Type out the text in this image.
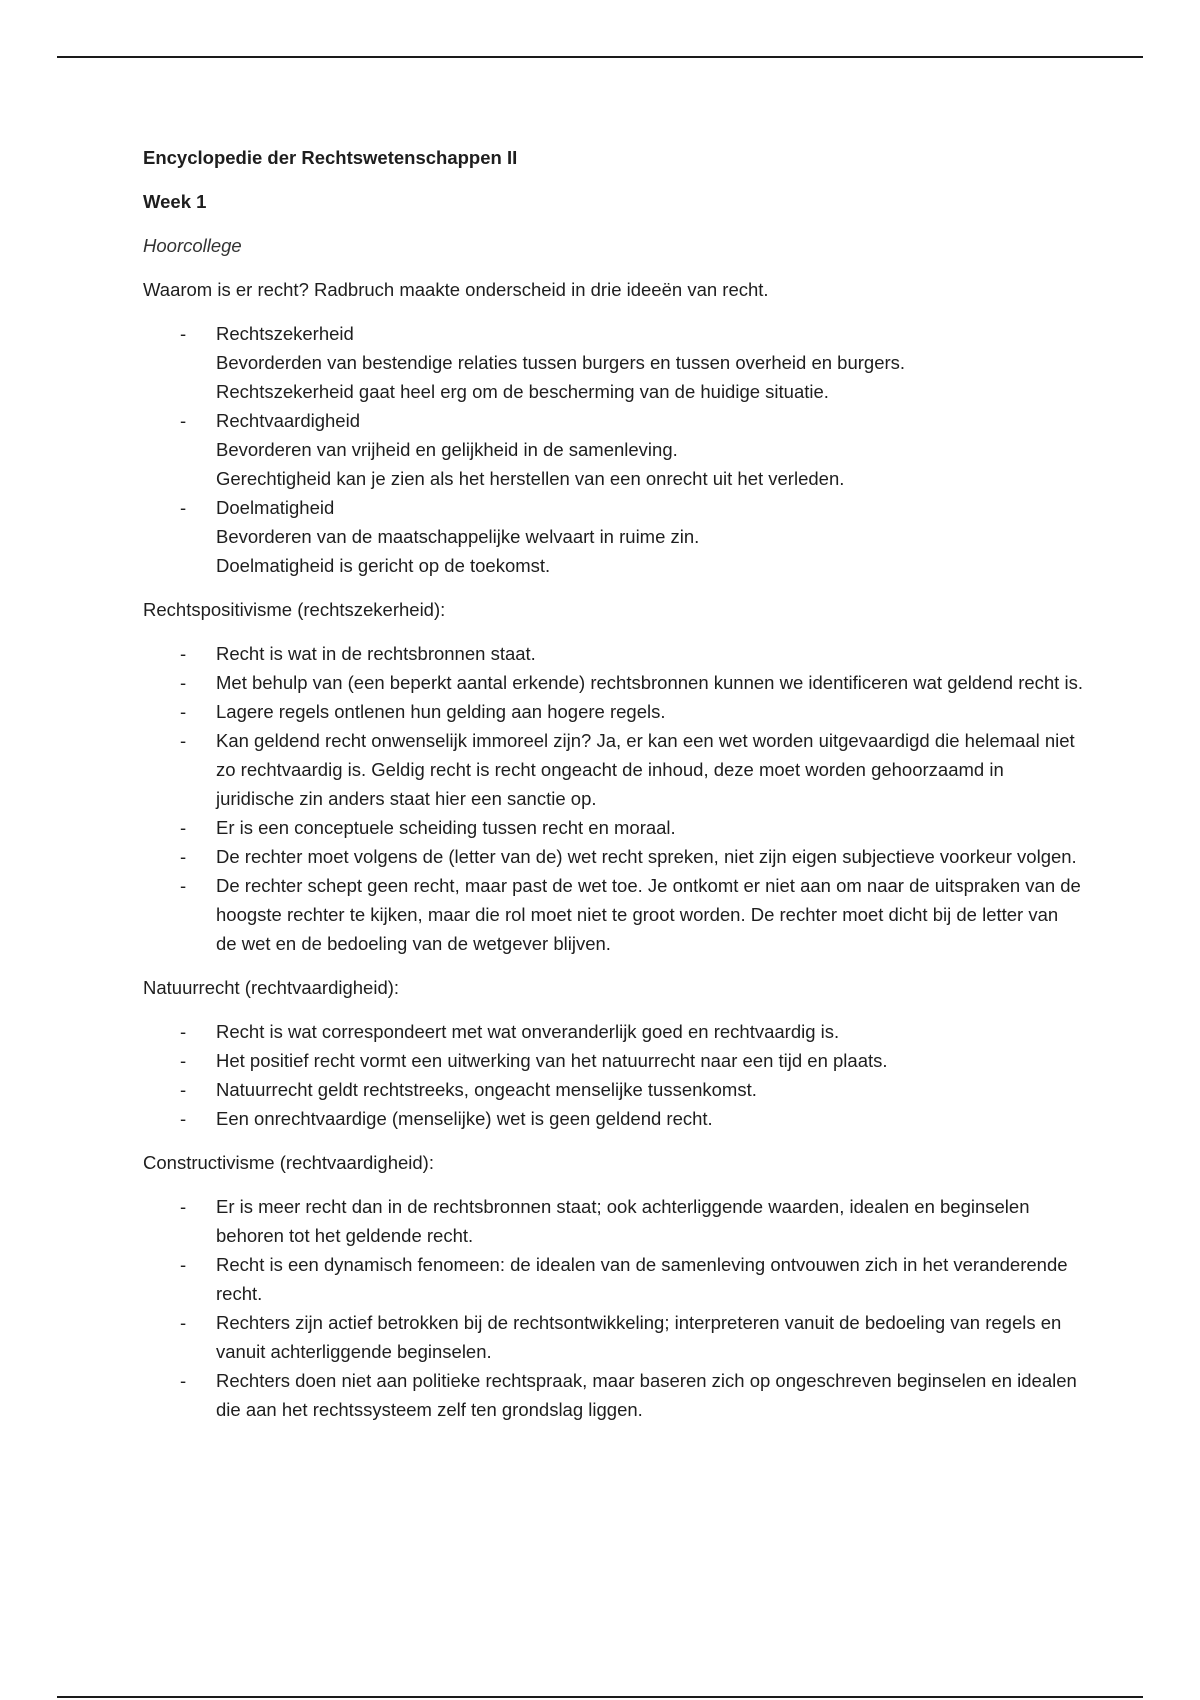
Encyclopedie der Rechtswetenschappen II

Week 1

Hoorcollege

Waarom is er recht? Radbruch maakte onderscheid in drie ideeën van recht.

- Rechtszekerheid
Bevorderden van bestendige relaties tussen burgers en tussen overheid en burgers.
Rechtszekerheid gaat heel erg om de bescherming van de huidige situatie.
- Rechtvaardigheid
Bevorderen van vrijheid en gelijkheid in de samenleving.
Gerechtigheid kan je zien als het herstellen van een onrecht uit het verleden.
- Doelmatigheid
Bevorderen van de maatschappelijke welvaart in ruime zin.
Doelmatigheid is gericht op de toekomst.

Rechtspositivisme (rechtszekerheid):

- Recht is wat in de rechtsbronnen staat.
- Met behulp van (een beperkt aantal erkende) rechtsbronnen kunnen we identificeren wat geldend recht is.
- Lagere regels ontlenen hun gelding aan hogere regels.
- Kan geldend recht onwenselijk immoreel zijn? Ja, er kan een wet worden uitgevaardigd die helemaal niet zo rechtvaardig is. Geldig recht is recht ongeacht de inhoud, deze moet worden gehoorzaamd in juridische zin anders staat hier een sanctie op.
- Er is een conceptuele scheiding tussen recht en moraal.
- De rechter moet volgens de (letter van de) wet recht spreken, niet zijn eigen subjectieve voorkeur volgen.
- De rechter schept geen recht, maar past de wet toe. Je ontkomt er niet aan om naar de uitspraken van de hoogste rechter te kijken, maar die rol moet niet te groot worden. De rechter moet dicht bij de letter van de wet en de bedoeling van de wetgever blijven.

Natuurrecht (rechtvaardigheid):

- Recht is wat correspondeert met wat onveranderlijk goed en rechtvaardig is.
- Het positief recht vormt een uitwerking van het natuurrecht naar een tijd en plaats.
- Natuurrecht geldt rechtstreeks, ongeacht menselijke tussenkomst.
- Een onrechtvaardige (menselijke) wet is geen geldend recht.

Constructivisme (rechtvaardigheid):

- Er is meer recht dan in de rechtsbronnen staat; ook achterliggende waarden, idealen en beginselen behoren tot het geldende recht.
- Recht is een dynamisch fenomeen: de idealen van de samenleving ontvouwen zich in het veranderende recht.
- Rechters zijn actief betrokken bij de rechtsontwikkeling; interpreteren vanuit de bedoeling van regels en vanuit achterliggende beginselen.
- Rechters doen niet aan politieke rechtspraak, maar baseren zich op ongeschreven beginselen en idealen die aan het rechtssysteem zelf ten grondslag liggen.
